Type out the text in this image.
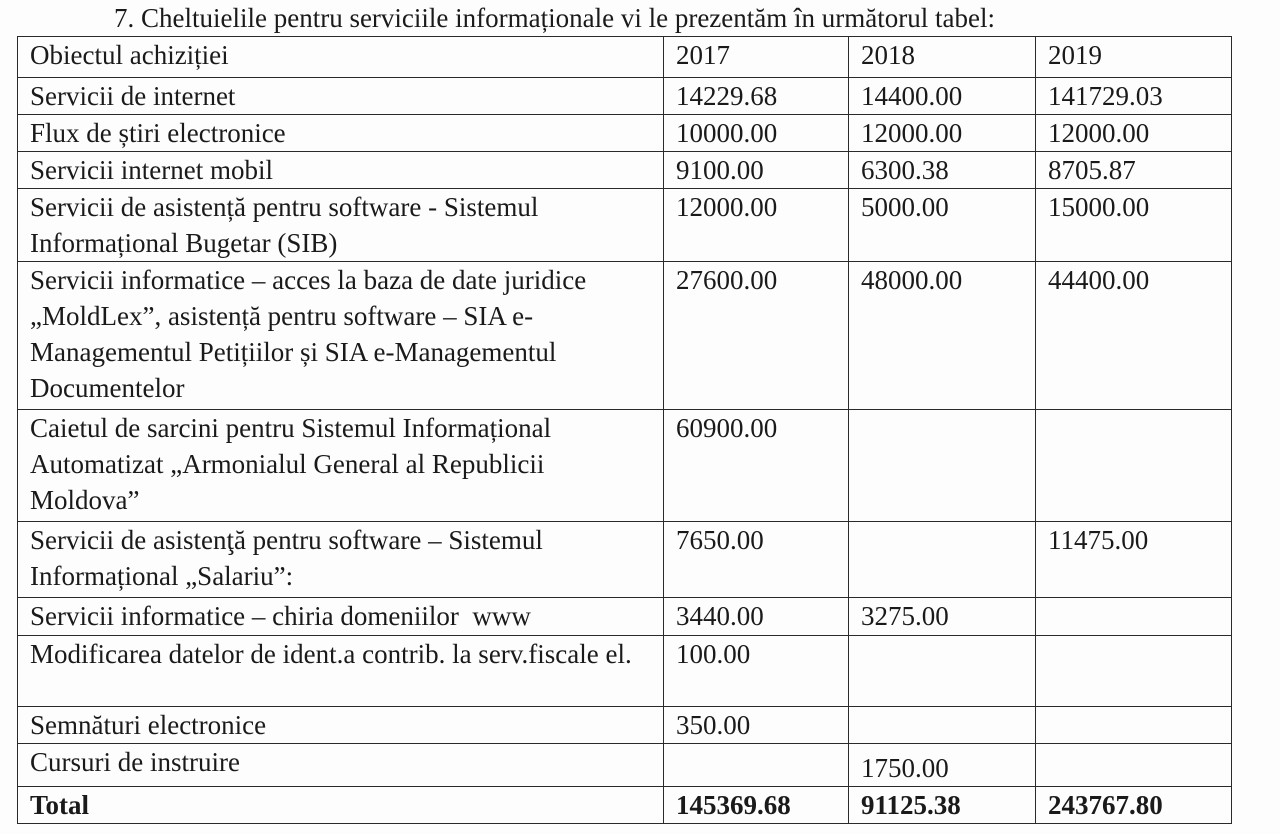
7. Cheltuielile pentru serviciile informaționale vi le prezentăm în următorul tabel:
Obiectul achiziției	2017	2018	2019
Servicii de internet	14229.68	14400.00	141729.03
Flux de știri electronice	10000.00	12000.00	12000.00
Servicii internet mobil	9100.00	6300.38	8705.87
Servicii de asistență pentru software - Sistemul Informațional Bugetar (SIB)	12000.00	5000.00	15000.00
Servicii informatice – acces la baza de date juridice „MoldLex”, asistență pentru software – SIA e-Managementul Petițiilor și SIA e-Managementul Documentelor	27600.00	48000.00	44400.00
Caietul de sarcini pentru Sistemul Informațional Automatizat „Armonialul General al Republicii Moldova”	60900.00		
Servicii de asistenţă pentru software – Sistemul Informațional „Salariu”:	7650.00		11475.00
Servicii informatice – chiria domeniilor  www	3440.00	3275.00	
Modificarea datelor de ident.a contrib. la serv.fiscale el.	100.00		
Semnături electronice	350.00		
Cursuri de instruire		1750.00	
Total	145369.68	91125.38	243767.80
